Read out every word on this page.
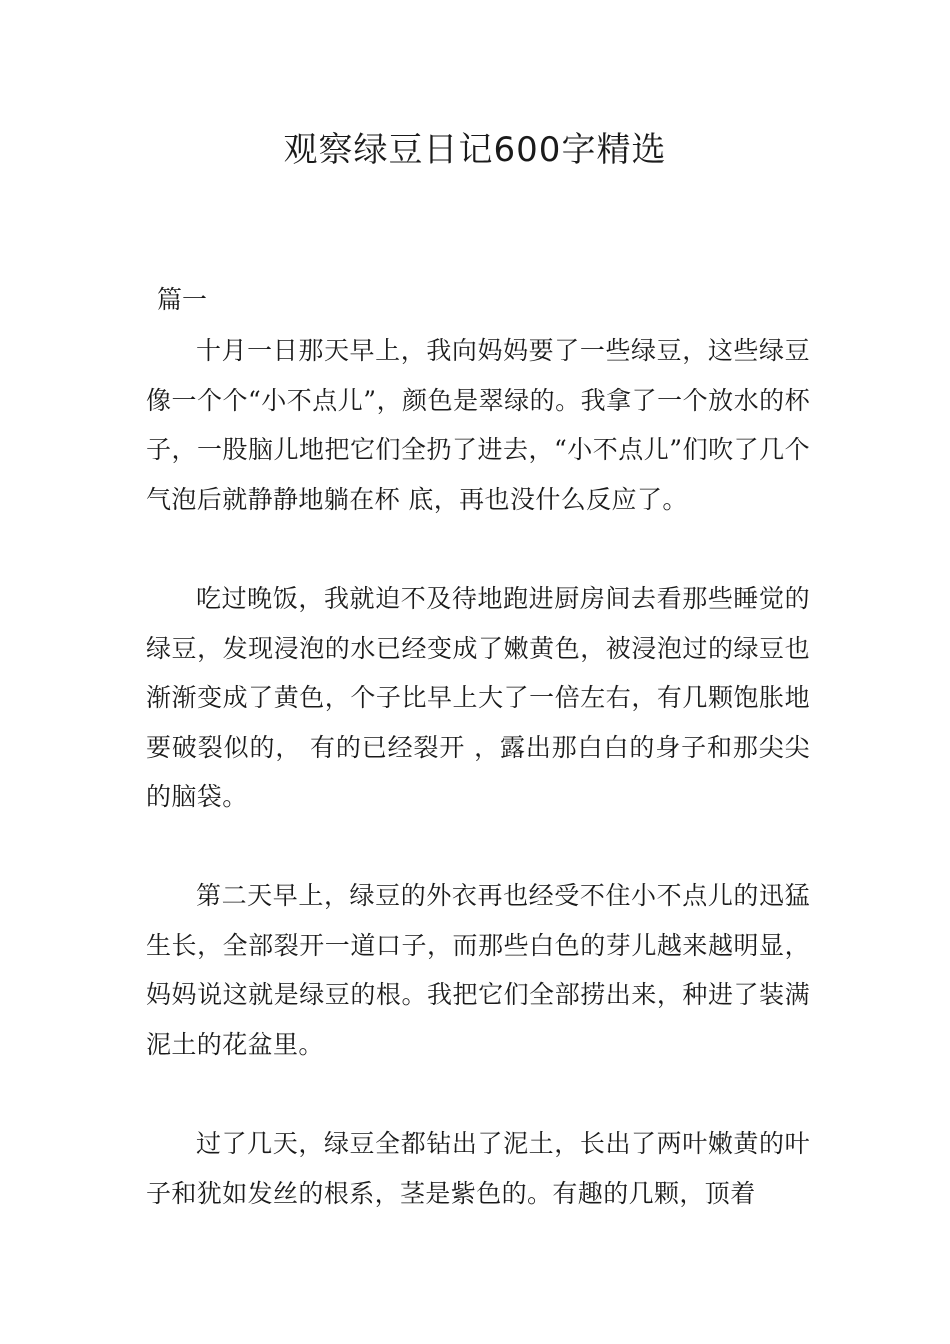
观察绿豆日记600字精选

篇一

十月一日那天早上，我向妈妈要了一些绿豆，这些绿豆像一个个“小不点儿”，颜色是翠绿的。我拿了一个放水的杯子，一股脑儿地把它们全扔了进去，“小不点儿”们吹了几个气泡后就静静地躺在杯 底，再也没什么反应了。

吃过晚饭，我就迫不及待地跑进厨房间去看那些睡觉的绿豆，发现浸泡的水已经变成了嫩黄色，被浸泡过的绿豆也渐渐变成了黄色，个子比早上大了一倍左右，有几颗饱胀地要破裂似的， 有的已经裂开 ，露出那白白的身子和那尖尖的脑袋。

第二天早上，绿豆的外衣再也经受不住小不点儿的迅猛生长，全部裂开一道口子，而那些白色的芽儿越来越明显，妈妈说这就是绿豆的根。我把它们全部捞出来，种进了装满泥土的花盆里。

过了几天，绿豆全都钻出了泥土，长出了两叶嫩黄的叶子和犹如发丝的根系，茎是紫色的。有趣的几颗，顶着
